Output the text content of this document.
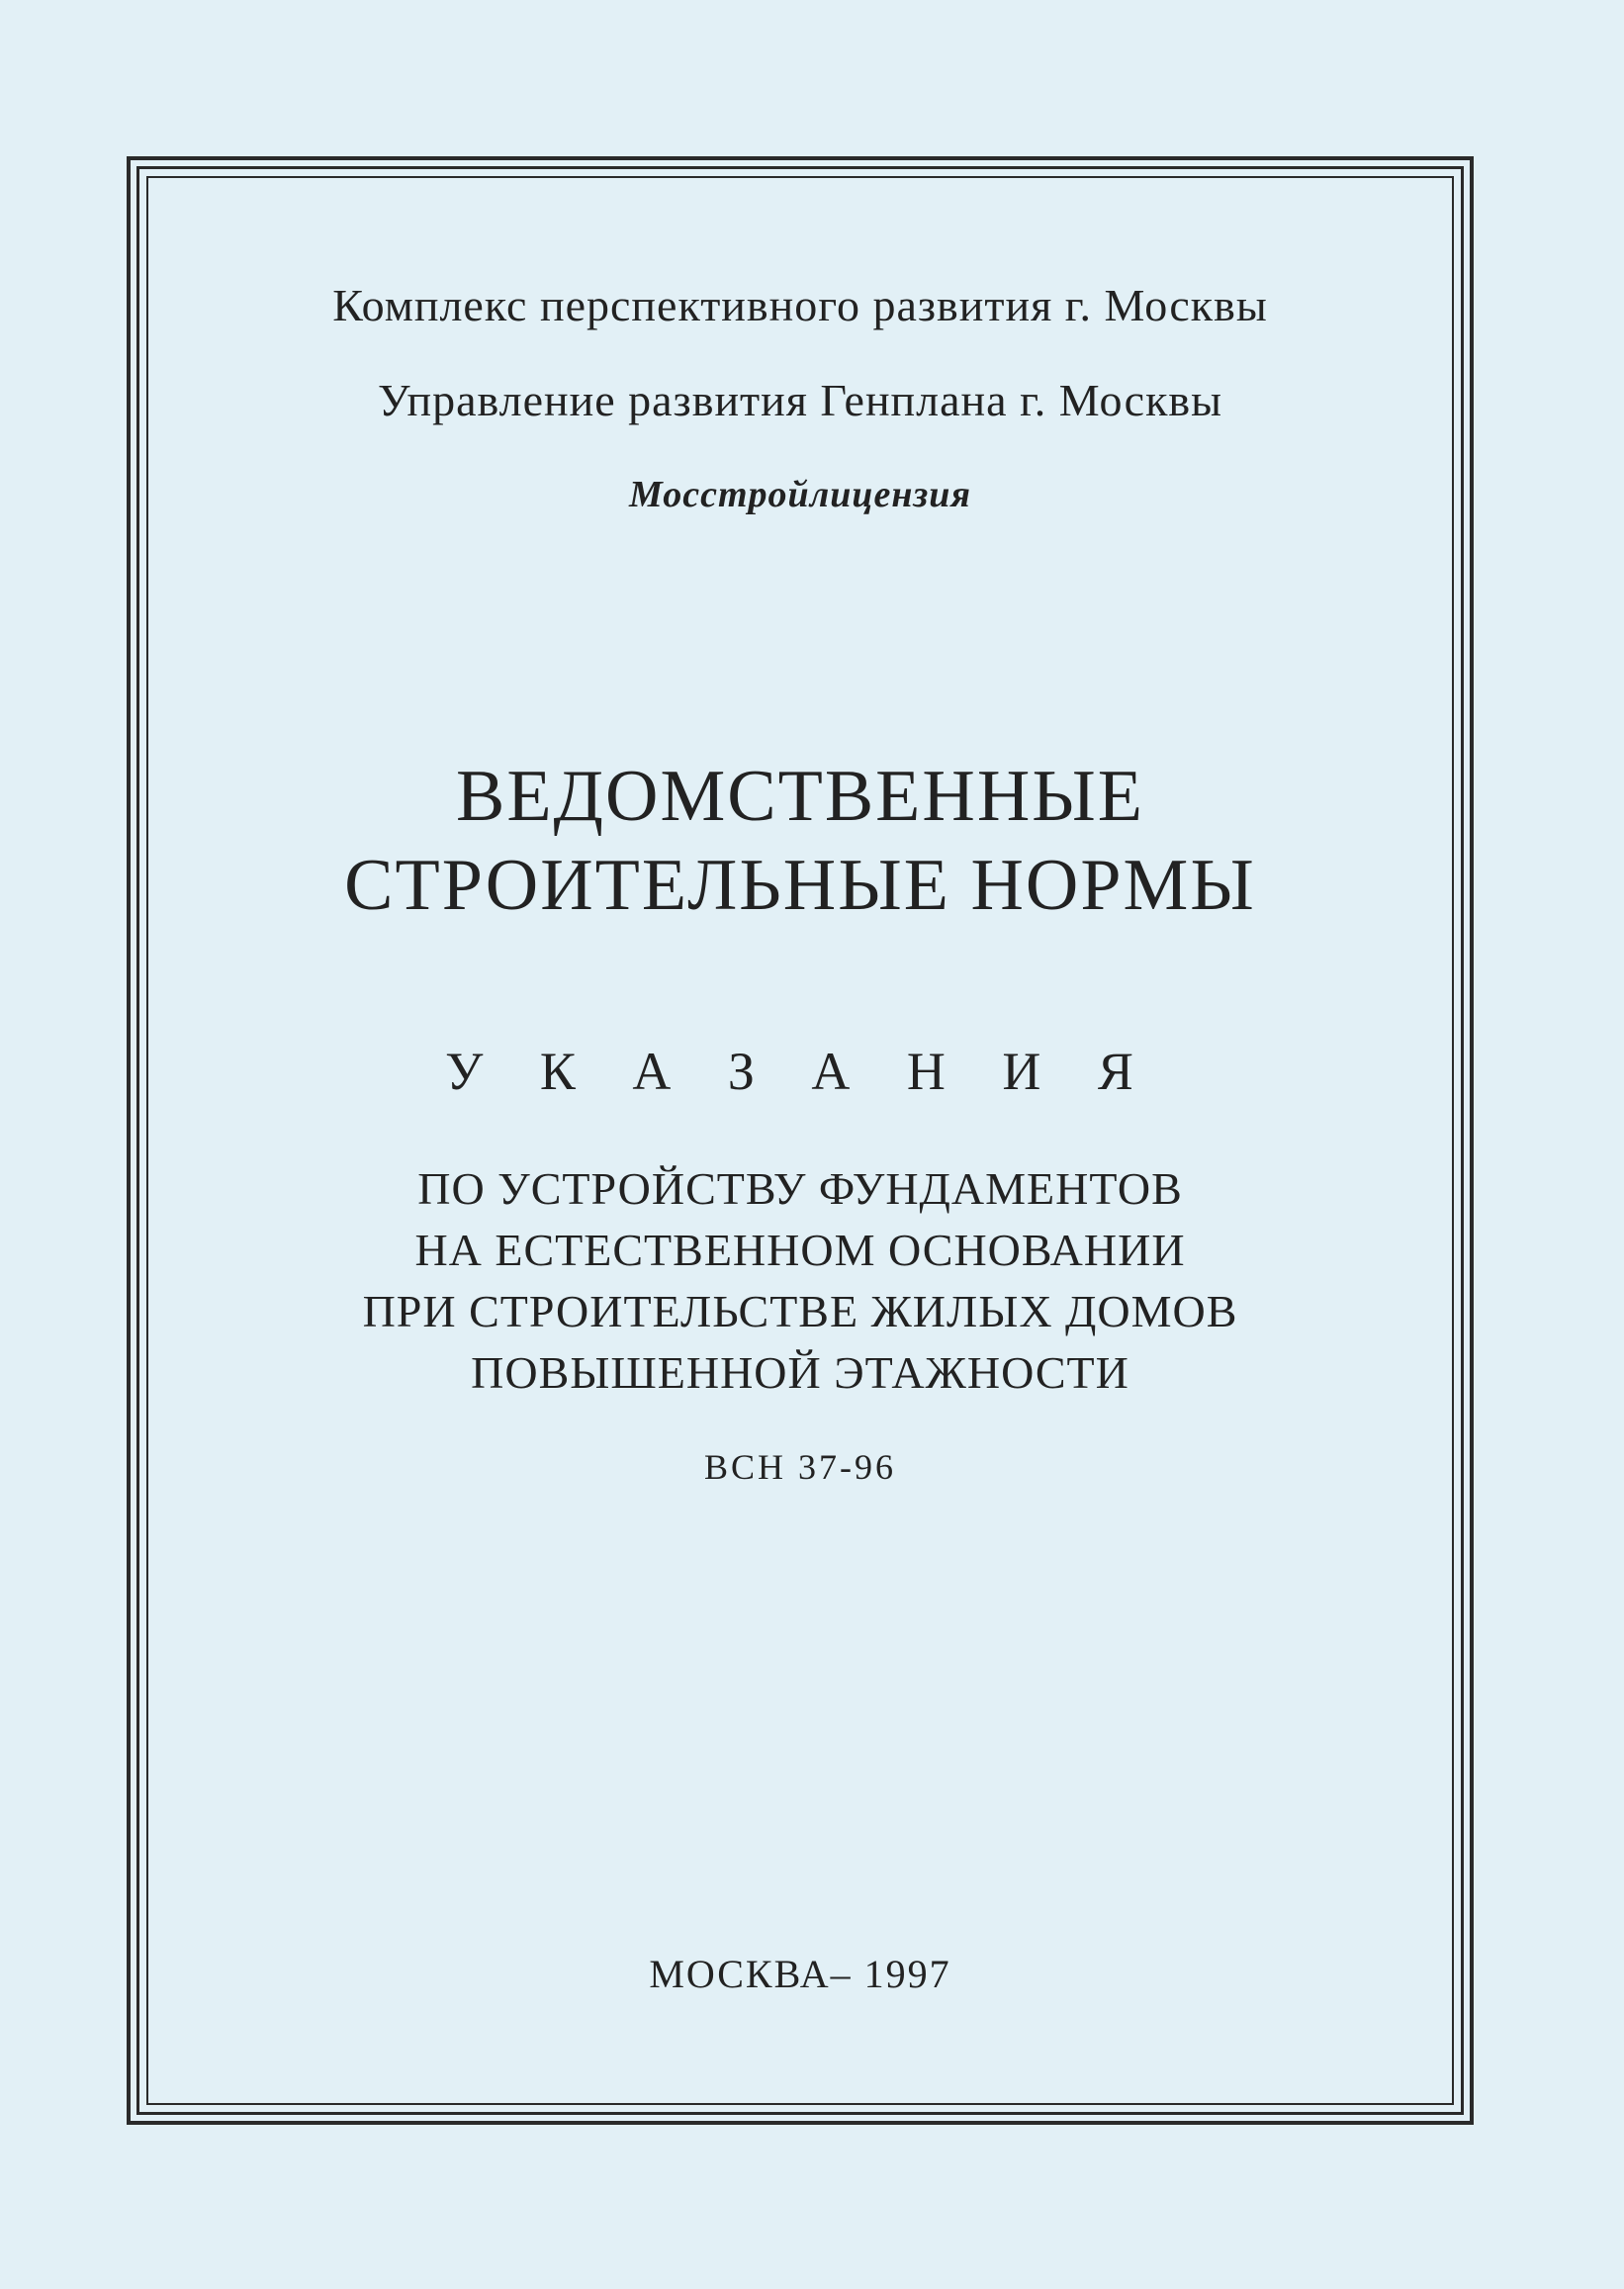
Комплекс перспективного развития г. Москвы

Управление развития Генплана г. Москвы

Мосстройлицензия

ВЕДОМСТВЕННЫЕ

СТРОИТЕЛЬНЫЕ НОРМЫ

У К А З А Н И Я

ПО УСТРОЙСТВУ ФУНДАМЕНТОВ

НА ЕСТЕСТВЕННОМ ОСНОВАНИИ

ПРИ СТРОИТЕЛЬСТВЕ ЖИЛЫХ ДОМОВ

ПОВЫШЕННОЙ ЭТАЖНОСТИ

ВСН 37-96

МОСКВА– 1997
